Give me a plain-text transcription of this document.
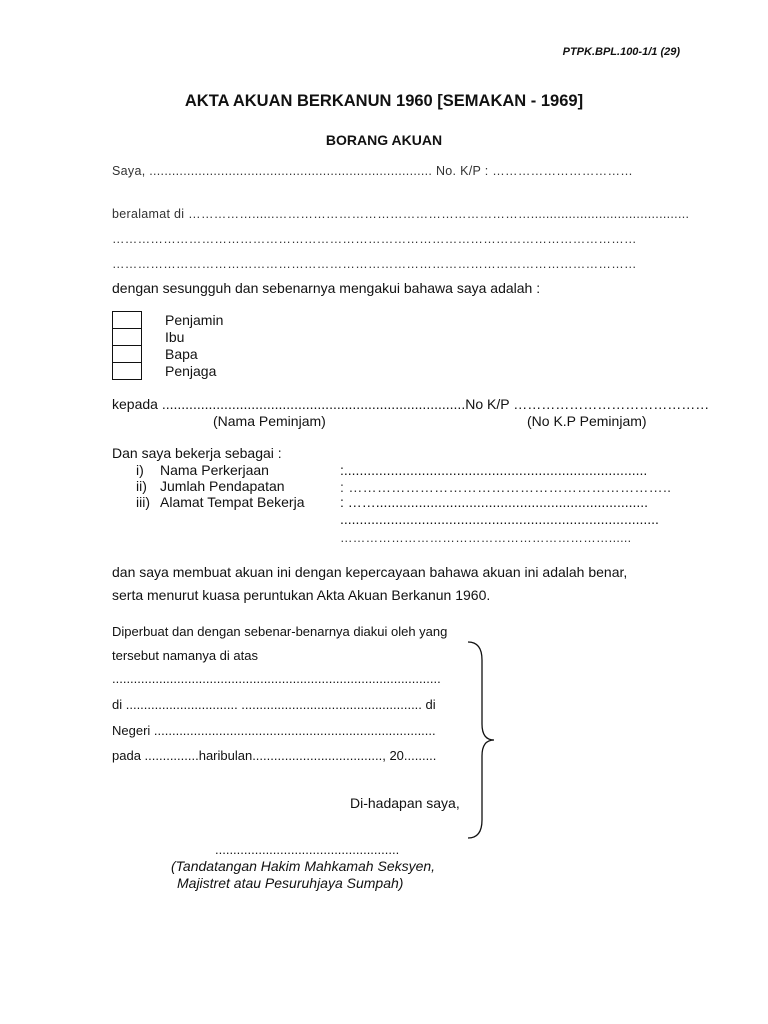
PTPK.BPL.100-1/1 (29)
AKTA AKUAN BERKANUN 1960 [SEMAKAN - 1969]
BORANG AKUAN
Saya, ........................................................................... No. K/P : ……………………………
beralamat di ……………......……………………………………………………..........................................
……………………………………………………………………………………………………………
……………………………………………………………………………………………………………
dengan sesungguh dan sebenarnya mengakui bahawa saya adalah :
Penjamin
Ibu
Bapa
Penjaga
kepada ..............................................................................No K/P ……………………………………
(Nama Peminjam)	(No K.P Peminjam)
Dan saya bekerja sebagai :
i) Nama Perkerjaan	:..............................................................................
ii) Jumlah Pendapatan	: …………………………………………………………..
iii) Alamat Tempat Bekerja	: ……......................................................................
..................................................................................
………………………………………………………......
dan saya membuat akuan ini dengan kepercayaan bahawa akuan ini adalah benar,
serta menurut kuasa peruntukan Akta Akuan Berkanun 1960.
Diperbuat dan dengan sebenar-benarnya diakui oleh yang
tersebut namanya di atas
...........................................................................................
di ............................... .................................................. di
Negeri ..............................................................................
pada ...............haribulan...................................., 20.........
Di-hadapan saya,
...................................................
(Tandatangan Hakim Mahkamah Seksyen,
Majistret atau Pesuruhjaya Sumpah)
